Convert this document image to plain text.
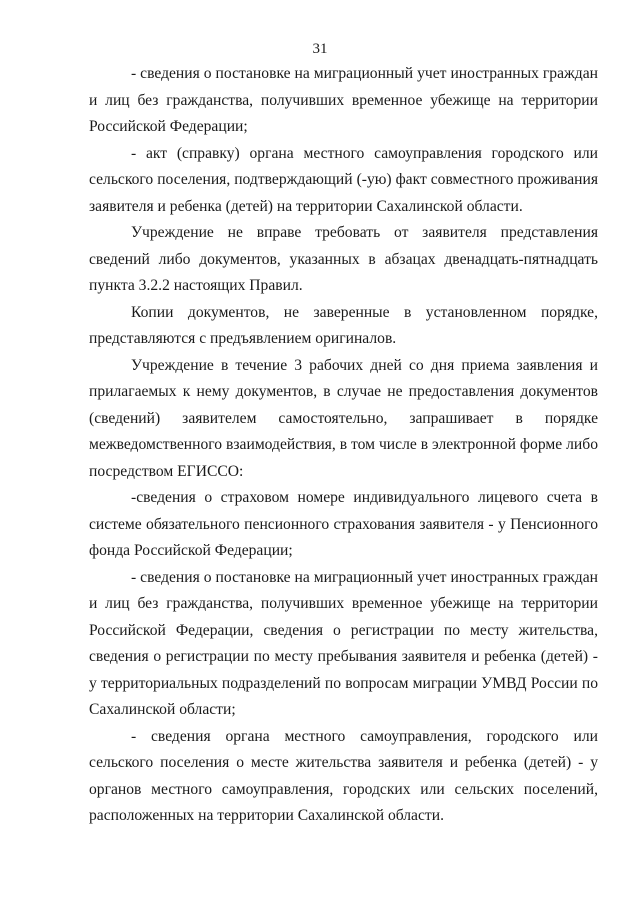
31

- сведения о постановке на миграционный учет иностранных граждан и лиц без гражданства, получивших временное убежище на территории Российской Федерации;

- акт (справку) органа местного самоуправления городского или сельского поселения, подтверждающий (-ую) факт совместного проживания заявителя и ребенка (детей) на территории Сахалинской области.

Учреждение не вправе требовать от заявителя представления сведений либо документов, указанных в абзацах двенадцать-пятнадцать пункта 3.2.2 настоящих Правил.

Копии документов, не заверенные в установленном порядке, представляются с предъявлением оригиналов.

Учреждение в течение 3 рабочих дней со дня приема заявления и прилагаемых к нему документов, в случае не предоставления документов (сведений) заявителем самостоятельно, запрашивает в порядке межведомственного взаимодействия, в том числе в электронной форме либо посредством ЕГИССО:

-сведения о страховом номере индивидуального лицевого счета в системе обязательного пенсионного страхования заявителя - у Пенсионного фонда Российской Федерации;

- сведения о постановке на миграционный учет иностранных граждан и лиц без гражданства, получивших временное убежище на территории Российской Федерации, сведения о регистрации по месту жительства, сведения о регистрации по месту пребывания заявителя и ребенка (детей) - у территориальных подразделений по вопросам миграции УМВД России по Сахалинской области;

- сведения органа местного самоуправления, городского или сельского поселения о месте жительства заявителя и ребенка (детей) - у органов местного самоуправления, городских или сельских поселений, расположенных на территории Сахалинской области.
